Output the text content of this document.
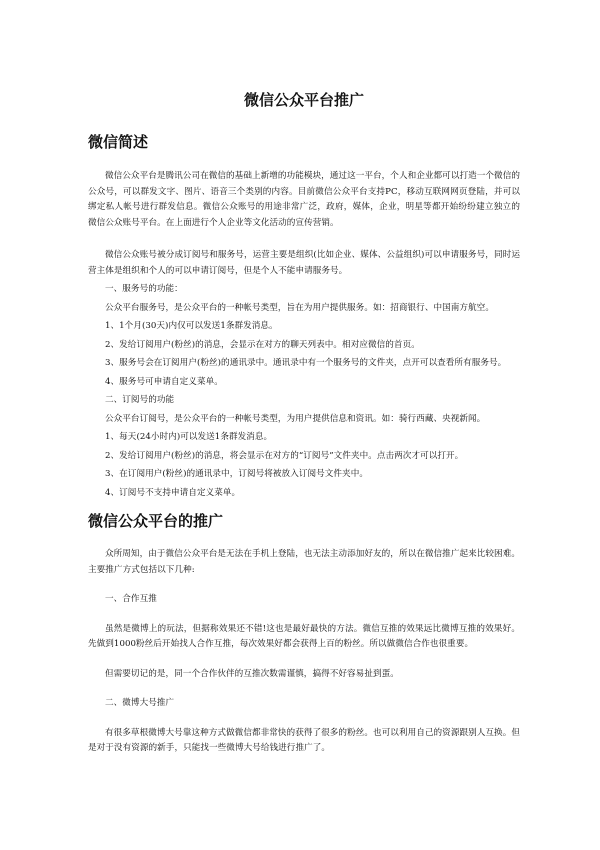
微信公众平台推广
微信简述

微信公众平台是腾讯公司在微信的基础上新增的功能模块，通过这一平台，个人和企业都可以打造一个微信的公众号，可以群发文字、图片、语音三个类别的内容。目前微信公众平台支持PC，移动互联网网页登陆，并可以绑定私人帐号进行群发信息。微信公众账号的用途非常广泛，政府，媒体，企业，明星等都开始纷纷建立独立的微信公众账号平台。在上面进行个人企业等文化活动的宣传营销。

微信公众账号被分成订阅号和服务号，运营主要是组织(比如企业、媒体、公益组织)可以申请服务号，同时运营主体是组织和个人的可以申请订阅号，但是个人不能申请服务号。

一、服务号的功能：

公众平台服务号，是公众平台的一种帐号类型，旨在为用户提供服务。如：招商银行、中国南方航空。

1、1个月(30天)内仅可以发送1条群发消息。

2、发给订阅用户(粉丝)的消息，会显示在对方的聊天列表中。相对应微信的首页。

3、服务号会在订阅用户(粉丝)的通讯录中。通讯录中有一个服务号的文件夹，点开可以查看所有服务号。

4、服务号可申请自定义菜单。

二、订阅号的功能

公众平台订阅号，是公众平台的一种帐号类型，为用户提供信息和资讯。如：骑行西藏、央视新闻。

1、每天(24小时内)可以发送1条群发消息。

2、发给订阅用户(粉丝)的消息，将会显示在对方的“订阅号”文件夹中。点击两次才可以打开。

3、在订阅用户(粉丝)的通讯录中，订阅号将被放入订阅号文件夹中。

4、订阅号不支持申请自定义菜单。

微信公众平台的推广

众所周知，由于微信公众平台是无法在手机上登陆，也无法主动添加好友的，所以在微信推广起来比较困难。主要推广方式包括以下几种:

一、合作互推

虽然是微博上的玩法，但据称效果还不错!这也是最好最快的方法。微信互推的效果远比微博互推的效果好。先做到1000粉丝后开始找人合作互推，每次效果好都会获得上百的粉丝。所以做微信合作也很重要。

但需要切记的是，同一个合作伙伴的互推次数需谨慎，搞得不好容易扯到蛋。

二、微博大号推广

有很多草根微博大号靠这种方式做微信都非常快的获得了很多的粉丝。也可以利用自己的资源跟别人互换。但是对于没有资源的新手，只能找一些微博大号给钱进行推广了。
